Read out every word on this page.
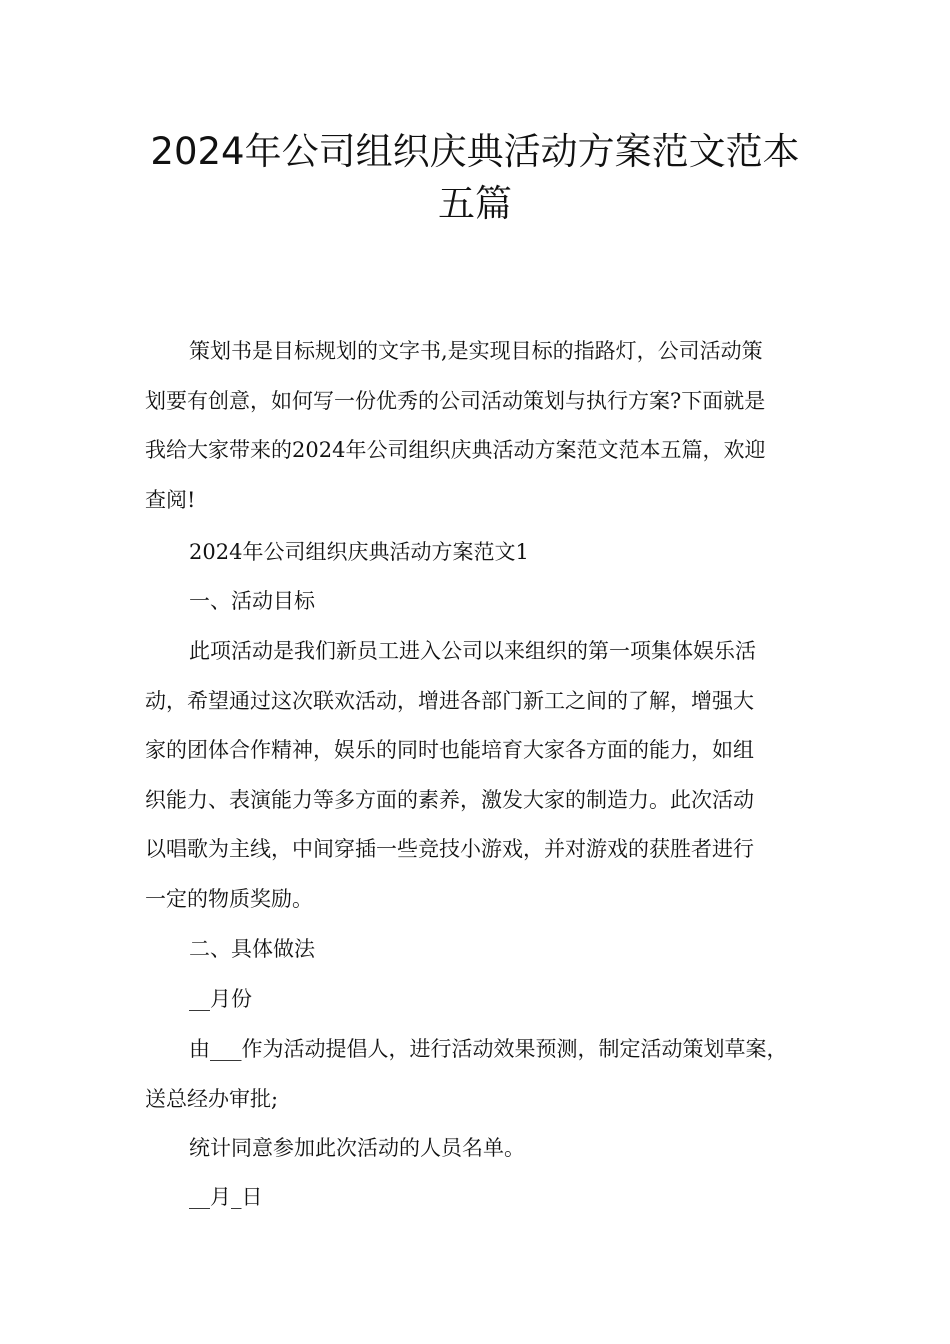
2024年公司组织庆典活动方案范文范本
五篇

策划书是目标规划的文字书,是实现目标的指路灯，公司活动策
划要有创意，如何写一份优秀的公司活动策划与执行方案?下面就是
我给大家带来的2024年公司组织庆典活动方案范文范本五篇，欢迎
查阅!

2024年公司组织庆典活动方案范文1

一、活动目标

此项活动是我们新员工进入公司以来组织的第一项集体娱乐活
动，希望通过这次联欢活动，增进各部门新工之间的了解，增强大
家的团体合作精神，娱乐的同时也能培育大家各方面的能力，如组
织能力、表演能力等多方面的素养，激发大家的制造力。此次活动
以唱歌为主线，中间穿插一些竞技小游戏，并对游戏的获胜者进行
一定的物质奖励。

二、具体做法

__月份

由___作为活动提倡人，进行活动效果预测，制定活动策划草案，
送总经办审批;

统计同意参加此次活动的人员名单。

__月_日
